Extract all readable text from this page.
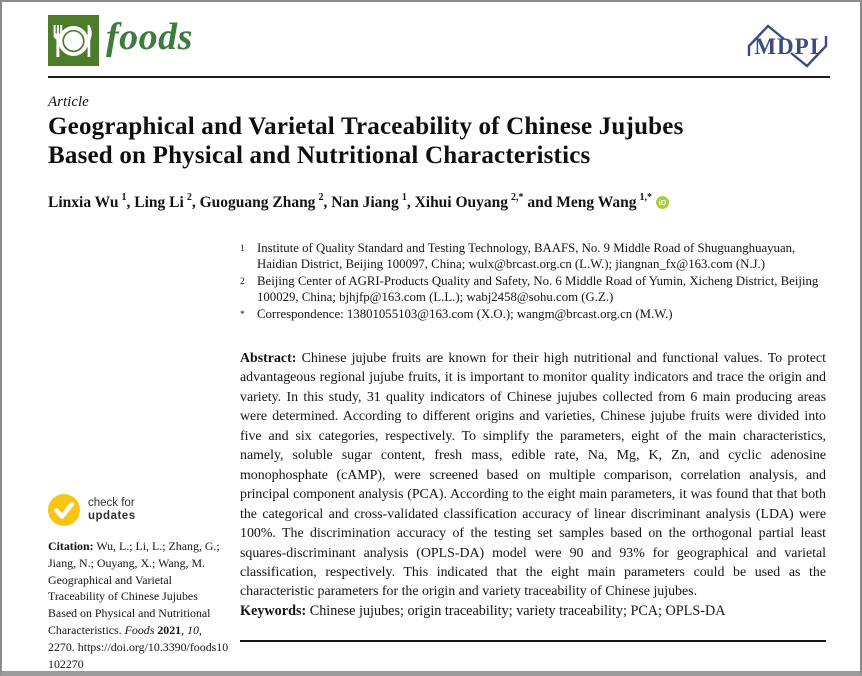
foods	MDPI
Article
Geographical and Varietal Traceability of Chinese Jujubes
Based on Physical and Nutritional Characteristics
Linxia Wu $^1$, Ling Li $^2$, Guoguang Zhang $^2$, Nan Jiang $^1$, Xihui Ouyang $^{2,*}$ and Meng Wang $^{1,*}$ iD
1 Institute of Quality Standard and Testing Technology, BAAFS, No. 9 Middle Road of Shuguanghuayuan, Haidian District, Beijing 100097, China; wulx@brcast.org.cn (L.W.); jiangnan_fx@163.com (N.J.)
2 Beijing Center of AGRI-Products Quality and Safety, No. 6 Middle Road of Yumin, Xicheng District, Beijing 100029, China; bjhjfp@163.com (L.L.); wabj2458@sohu.com (G.Z.)
* Correspondence: 13801055103@163.com (X.O.); wangm@brcast.org.cn (M.W.)
Abstract: Chinese jujube fruits are known for their high nutritional and functional values. To protect advantageous regional jujube fruits, it is important to monitor quality indicators and trace the origin and variety. In this study, 31 quality indicators of Chinese jujubes collected from 6 main producing areas were determined. According to different origins and varieties, Chinese jujube fruits were divided into five and six categories, respectively. To simplify the parameters, eight of the main characteristics, namely, soluble sugar content, fresh mass, edible rate, Na, Mg, K, Zn, and cyclic adenosine monophosphate (cAMP), were screened based on multiple comparison, correlation analysis, and principal component analysis (PCA). According to the eight main parameters, it was found that that both the categorical and cross-validated classification accuracy of linear discriminant analysis (LDA) were 100%. The discrimination accuracy of the testing set samples based on the orthogonal partial least squares-discriminant analysis (OPLS-DA) model were 90 and 93% for geographical and varietal classification, respectively. This indicated that the eight main parameters could be used as the characteristic parameters for the origin and variety traceability of Chinese jujubes.
Keywords: Chinese jujubes; origin traceability; variety traceability; PCA; OPLS-DA
check for
updates
Citation: Wu, L.; Li, L.; Zhang, G.; Jiang, N.; Ouyang, X.; Wang, M. Geographical and Varietal Traceability of Chinese Jujubes Based on Physical and Nutritional Characteristics. Foods 2021, 10, 2270. https://doi.org/10.3390/foods10102270
